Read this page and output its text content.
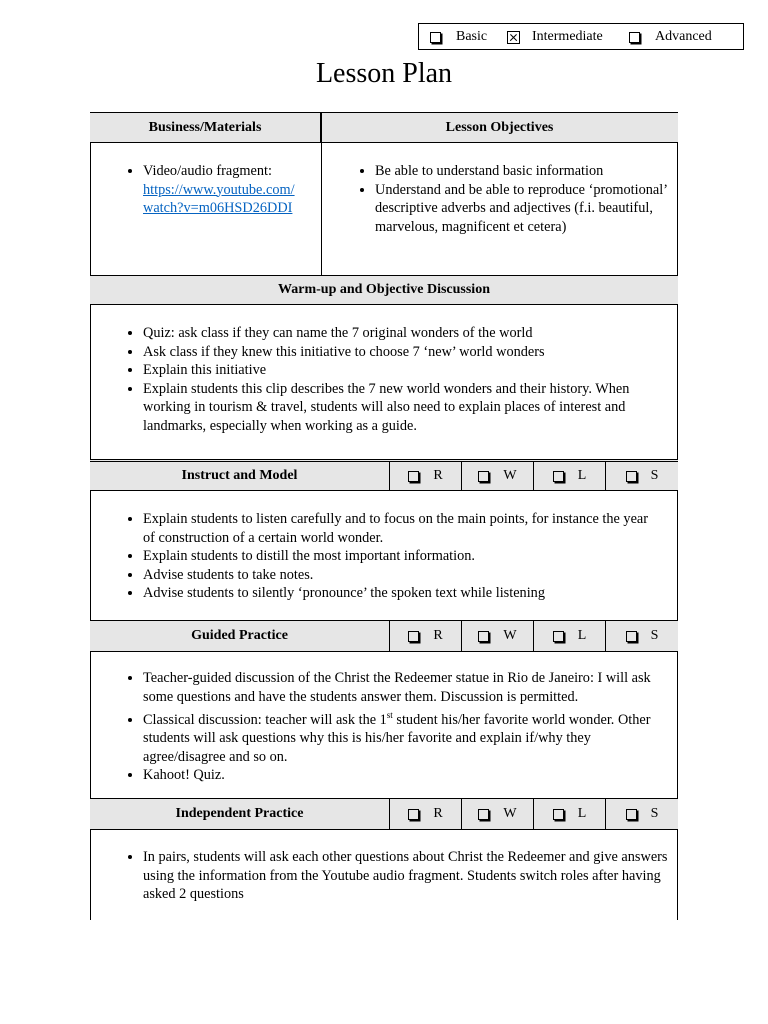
Basic	Intermediate	Advanced
Lesson Plan
Business/Materials	Lesson Objectives
• Video/audio fragment:
https://www.youtube.com/
watch?v=m06HSD26DDI
• Be able to understand basic information
• Understand and be able to reproduce ‘promotional’ descriptive adverbs and adjectives (f.i. beautiful, marvelous, magnificent et cetera)
Warm-up and Objective Discussion
• Quiz: ask class if they can name the 7 original wonders of the world
• Ask class if they knew this initiative to choose 7 ‘new’ world wonders
• Explain this initiative
• Explain students this clip describes the 7 new world wonders and their history. When working in tourism & travel, students will also need to explain places of interest and landmarks, especially when working as a guide.
Instruct and Model	R	W	L	S
• Explain students to listen carefully and to focus on the main points, for instance the year of construction of a certain world wonder.
• Explain students to distill the most important information.
• Advise students to take notes.
• Advise students to silently ‘pronounce’ the spoken text while listening
Guided Practice	R	W	L	S
• Teacher-guided discussion of the Christ the Redeemer statue in Rio de Janeiro: I will ask some questions and have the students answer them. Discussion is permitted.
• Classical discussion: teacher will ask the 1st student his/her favorite world wonder. Other students will ask questions why this is his/her favorite and explain if/why they agree/disagree and so on.
• Kahoot! Quiz.
Independent Practice	R	W	L	S
• In pairs, students will ask each other questions about Christ the Redeemer and give answers using the information from the Youtube audio fragment. Students switch roles after having asked 2 questions
